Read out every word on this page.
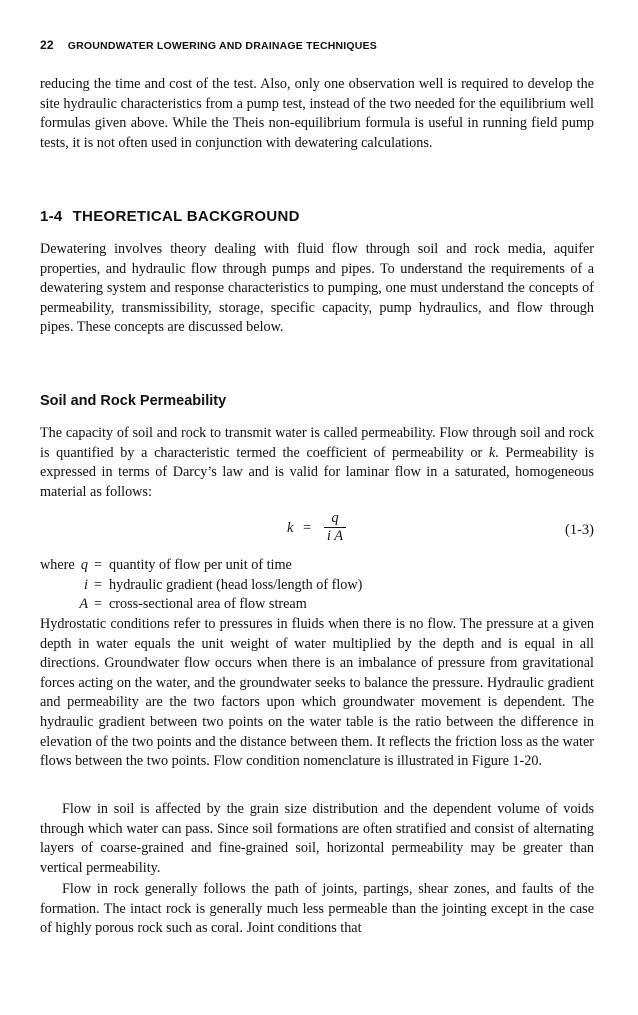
22 GROUNDWATER LOWERING AND DRAINAGE TECHNIQUES

reducing the time and cost of the test. Also, only one observation well is required to develop the site hydraulic characteristics from a pump test, instead of the two needed for the equilibrium well formulas given above. While the Theis non-equilibrium formula is useful in running field pump tests, it is not often used in conjunction with dewatering calculations.

1-4 THEORETICAL BACKGROUND

Dewatering involves theory dealing with fluid flow through soil and rock media, aquifer properties, and hydraulic flow through pumps and pipes. To understand the requirements of a dewatering system and response characteristics to pumping, one must understand the concepts of permeability, transmissibility, storage, specific capacity, pump hydraulics, and flow through pipes. These concepts are discussed below.

Soil and Rock Permeability

The capacity of soil and rock to transmit water is called permeability. Flow through soil and rock is quantified by a characteristic termed the coefficient of permeability or k. Permeability is expressed in terms of Darcy’s law and is valid for laminar flow in a saturated, homogeneous material as follows:

k =
q
i A	(1-3)
where q = quantity of flow per unit of time
i = hydraulic gradient (head loss/length of flow)
A = cross-sectional area of flow stream

Hydrostatic conditions refer to pressures in fluids when there is no flow. The pressure at a given depth in water equals the unit weight of water multiplied by the depth and is equal in all directions. Groundwater flow occurs when there is an imbalance of pressure from gravitational forces acting on the water, and the groundwater seeks to balance the pressure. Hydraulic gradient and permeability are the two factors upon which groundwater movement is dependent. The hydraulic gradient between two points on the water table is the ratio between the difference in elevation of the two points and the distance between them. It reflects the friction loss as the water flows between the two points. Flow condition nomenclature is illustrated in Figure 1-20.

Flow in soil is affected by the grain size distribution and the dependent volume of voids through which water can pass. Since soil formations are often stratified and consist of alternating layers of coarse-grained and fine-grained soil, horizontal permeability may be greater than vertical permeability.

Flow in rock generally follows the path of joints, partings, shear zones, and faults of the formation. The intact rock is generally much less permeable than the jointing except in the case of highly porous rock such as coral. Joint conditions that
